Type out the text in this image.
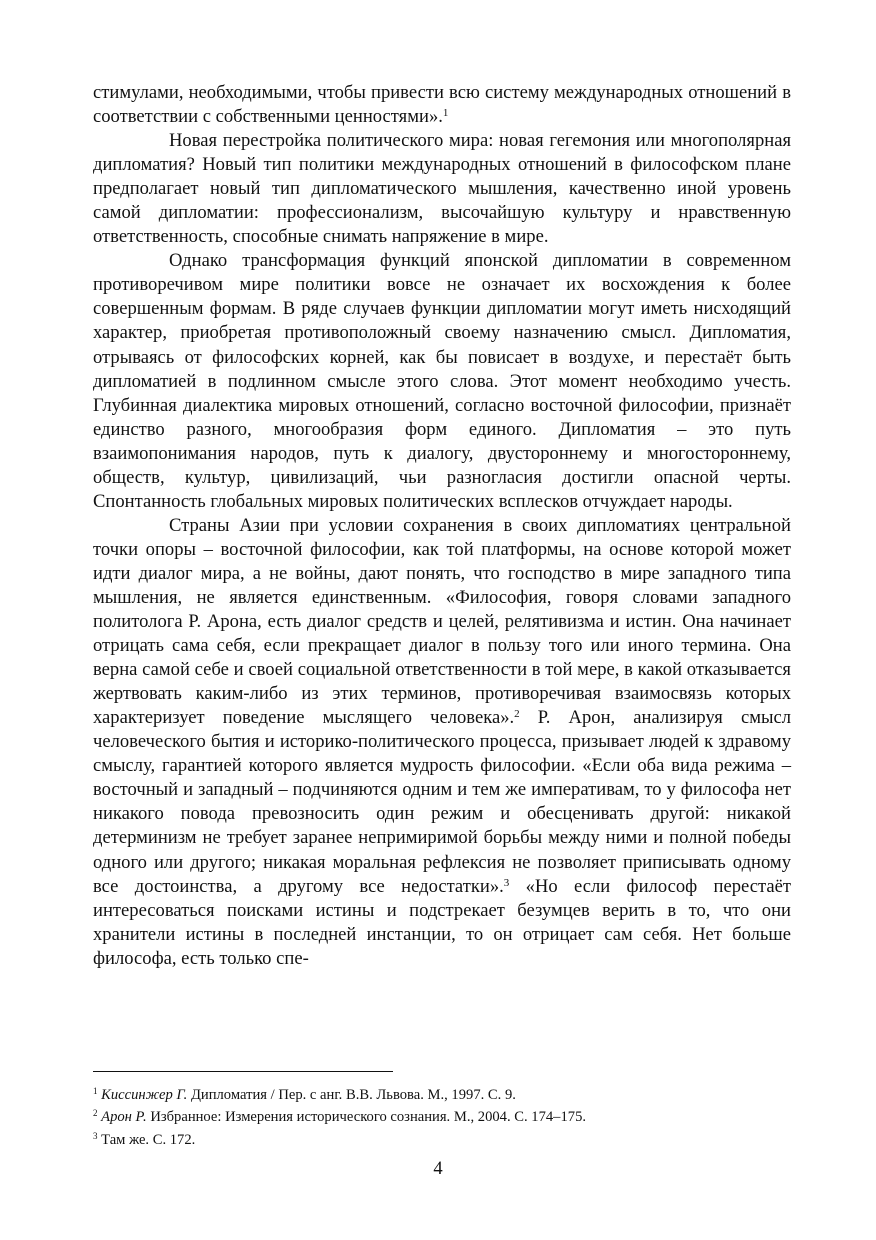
стимулами, необходимыми, чтобы привести всю систему международных отношений в соответствии с собственными ценностями».$^1$

Новая перестройка политического мира: новая гегемония или многополярная дипломатия? Новый тип политики международных отношений в философском плане предполагает новый тип дипломатического мышления, качественно иной уровень самой дипломатии: профессионализм, высочайшую культуру и нравственную ответственность, способные снимать напряжение в мире.

Однако трансформация функций японской дипломатии в современном противоречивом мире политики вовсе не означает их восхождения к более совершенным формам. В ряде случаев функции дипломатии могут иметь нисходящий характер, приобретая противоположный своему назначению смысл. Дипломатия, отрываясь от философских корней, как бы повисает в воздухе, и перестаёт быть дипломатией в подлинном смысле этого слова. Этот момент необходимо учесть. Глубинная диалектика мировых отношений, согласно восточной философии, признаёт единство разного, многообразия форм единого. Дипломатия – это путь взаимопонимания народов, путь к диалогу, двустороннему и многостороннему, обществ, культур, цивилизаций, чьи разногласия достигли опасной черты. Спонтанность глобальных мировых политических всплесков отчуждает народы.

Страны Азии при условии сохранения в своих дипломатиях центральной точки опоры – восточной философии, как той платформы, на основе которой может идти диалог мира, а не войны, дают понять, что господство в мире западного типа мышления, не является единственным. «Философия, говоря словами западного политолога Р. Арона, есть диалог средств и целей, релятивизма и истин. Она начинает отрицать сама себя, если прекращает диалог в пользу того или иного термина. Она верна самой себе и своей социальной ответственности в той мере, в какой отказывается жертвовать каким-либо из этих терминов, противоречивая взаимосвязь которых характеризует поведение мыслящего человека».$^2$ Р. Арон, анализируя смысл человеческого бытия и историко-политического процесса, призывает людей к здравому смыслу, гарантией которого является мудрость философии. «Если оба вида режима – восточный и западный – подчиняются одним и тем же императивам, то у философа нет никакого повода превозносить один режим и обесценивать другой: никакой детерминизм не требует заранее непримиримой борьбы между ними и полной победы одного или другого; никакая моральная рефлексия не позволяет приписывать одному все достоинства, а другому все недостатки».$^3$ «Но если философ перестаёт интересоваться поисками истины и подстрекает безумцев верить в то, что они хранители истины в последней инстанции, то он отрицает сам себя. Нет больше философа, есть только спе-

$^1$ Киссинжер Г. Дипломатия / Пер. с анг. В.В. Львова. М., 1997. С. 9.

$^2$ Арон Р. Избранное: Измерения исторического сознания. М., 2004. С. 174–175.

$^3$ Там же. С. 172.

4
